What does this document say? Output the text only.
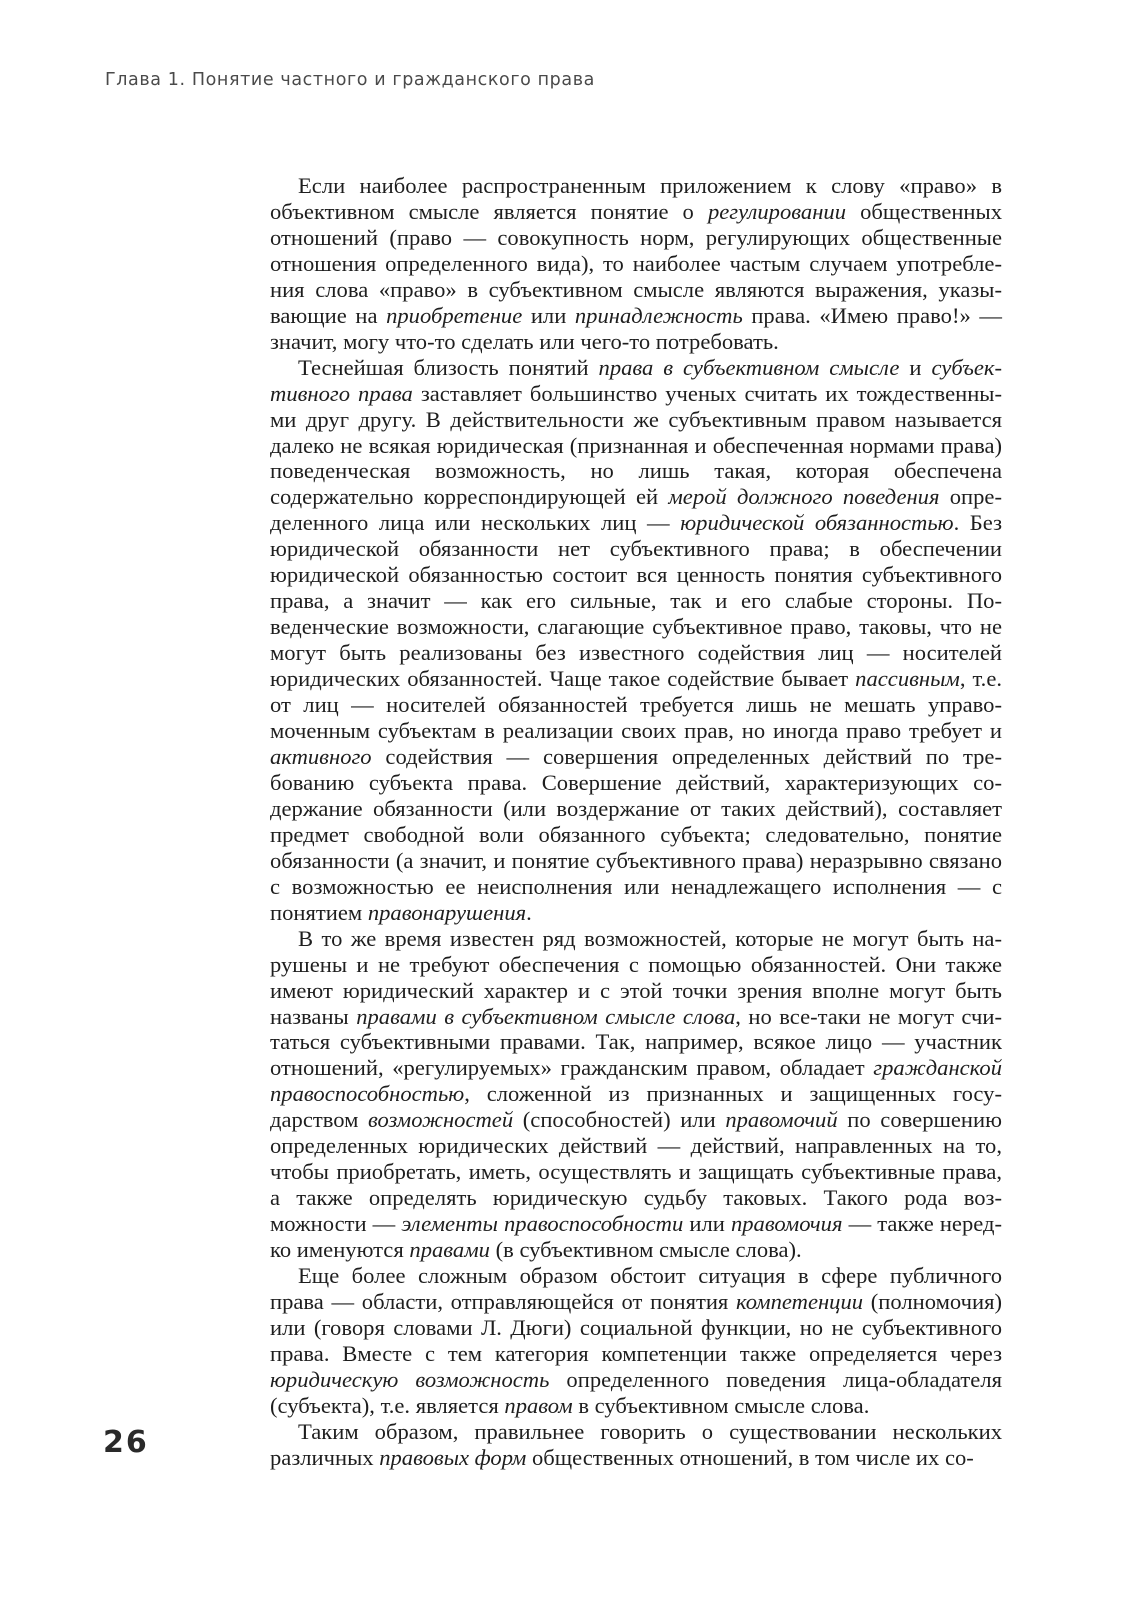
Глава 1. Понятие частного и гражданского права

Если наиболее распространенным приложением к слову «право» в объективном смысле является понятие о регулировании общественных отношений (право — совокупность норм, регулирующих общественные отношения определенного вида), то наиболее частым случаем употребления слова «право» в субъективном смысле являются выражения, указывающие на приобретение или принадлежность права. «Имею право!» — значит, могу что-то сделать или чего-то потребовать.

Теснейшая близость понятий права в субъективном смысле и субъективного права заставляет большинство ученых считать их тождественными друг другу. В действительности же субъективным правом называется далеко не всякая юридическая (признанная и обеспеченная нормами права) поведенческая возможность, но лишь такая, которая обеспечена содержательно корреспондирующей ей мерой должного поведения определенного лица или нескольких лиц — юридической обязанностью. Без юридической обязанности нет субъективного права; в обеспечении юридической обязанностью состоит вся ценность понятия субъективного права, а значит — как его сильные, так и его слабые стороны. Поведенческие возможности, слагающие субъективное право, таковы, что не могут быть реализованы без известного содействия лиц — носителей юридических обязанностей. Чаще такое содействие бывает пассивным, т.е. от лиц — носителей обязанностей требуется лишь не мешать управомоченным субъектам в реализации своих прав, но иногда право требует и активного содействия — совершения определенных действий по требованию субъекта права. Совершение действий, характеризующих содержание обязанности (или воздержание от таких действий), составляет предмет свободной воли обязанного субъекта; следовательно, понятие обязанности (а значит, и понятие субъективного права) неразрывно связано с возможностью ее неисполнения или ненадлежащего исполнения — с понятием правонарушения.

В то же время известен ряд возможностей, которые не могут быть нарушены и не требуют обеспечения с помощью обязанностей. Они также имеют юридический характер и с этой точки зрения вполне могут быть названы правами в субъективном смысле слова, но все-таки не могут считаться субъективными правами. Так, например, всякое лицо — участник отношений, «регулируемых» гражданским правом, обладает гражданской правоспособностью, сложенной из признанных и защищенных государством возможностей (способностей) или правомочий по совершению определенных юридических действий — действий, направленных на то, чтобы приобретать, иметь, осуществлять и защищать субъективные права, а также определять юридическую судьбу таковых. Такого рода возможности — элементы правоспособности или правомочия — также нередко именуются правами (в субъективном смысле слова).

Еще более сложным образом обстоит ситуация в сфере публичного права — области, отправляющейся от понятия компетенции (полномочия) или (говоря словами Л. Дюги) социальной функции, но не субъективного права. Вместе с тем категория компетенции также определяется через юридическую возможность определенного поведения лица-обладателя (субъекта), т.е. является правом в субъективном смысле слова.

Таким образом, правильнее говорить о существовании нескольких различных правовых форм общественных отношений, в том числе их со-

26
